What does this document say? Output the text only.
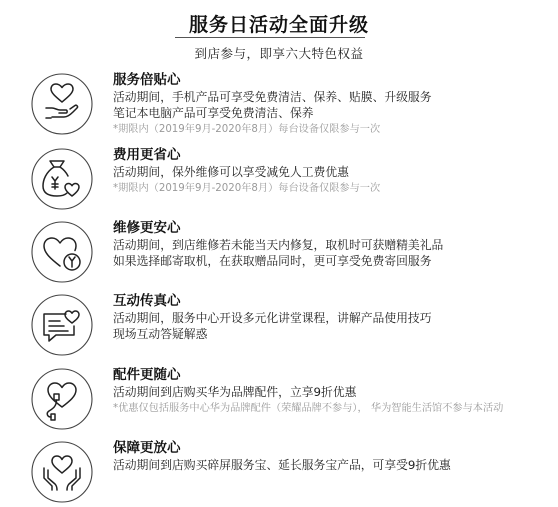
服务日活动全面升级
到店参与，即享六大特色权益
服务倍贴心
活动期间，手机产品可享受免费清洁、保养、贴膜、升级服务
笔记本电脑产品可享受免费清洁、保养
*期限内（2019年9月-2020年8月）每台设备仅限参与一次
费用更省心
活动期间，保外维修可以享受减免人工费优惠
*期限内（2019年9月-2020年8月）每台设备仅限参与一次
维修更安心
活动期间，到店维修若未能当天内修复，取机时可获赠精美礼品
如果选择邮寄取机，在获取赠品同时，更可享受免费寄回服务
互动传真心
活动期间，服务中心开设多元化讲堂课程，讲解产品使用技巧
现场互动答疑解惑
配件更随心
活动期间到店购买华为品牌配件，立享9折优惠
*优惠仅包括服务中心华为品牌配件（荣耀品牌不参与）， 华为智能生活馆不参与本活动
保障更放心
活动期间到店购买碎屏服务宝、延长服务宝产品，可享受9折优惠
